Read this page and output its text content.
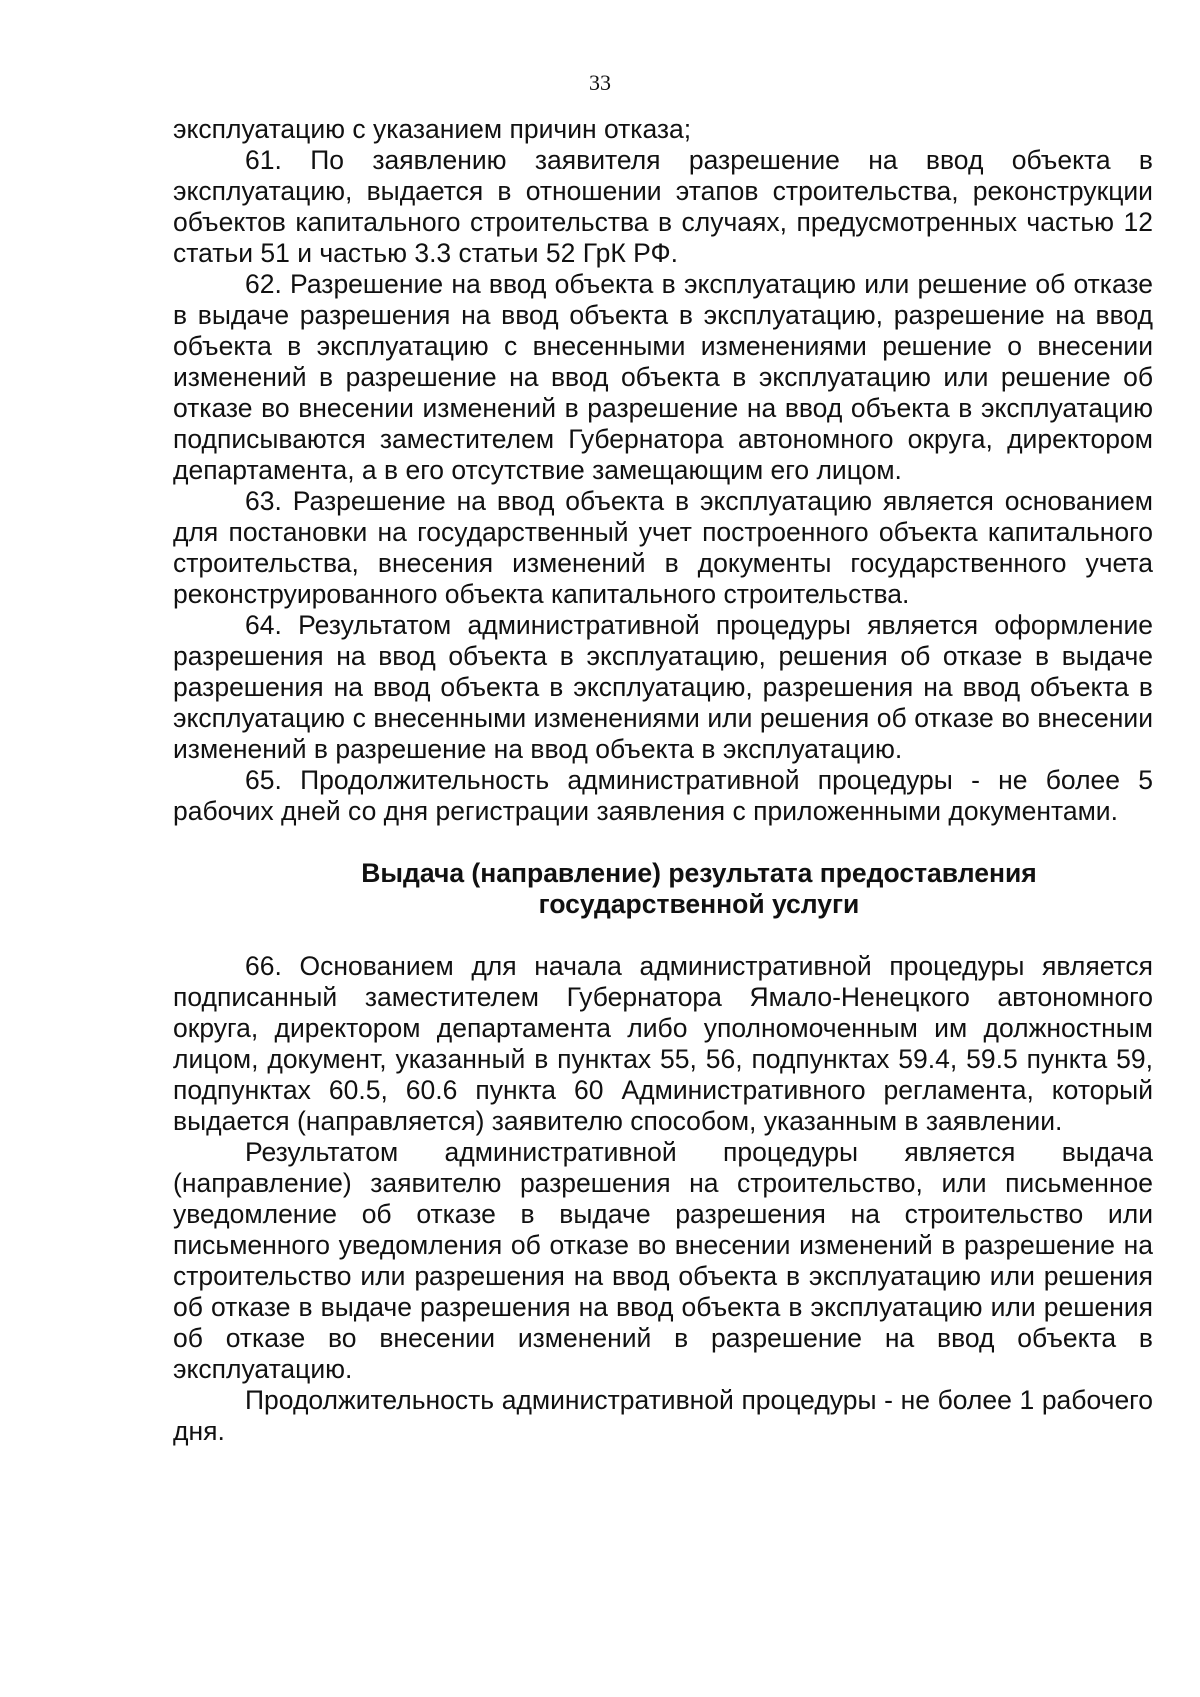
33

эксплуатацию с указанием причин отказа;

61. По заявлению заявителя разрешение на ввод объекта в эксплуатацию, выдается в отношении этапов строительства, реконструкции объектов капитального строительства в случаях, предусмотренных частью 12 статьи 51 и частью 3.3 статьи 52 ГрК РФ.

62. Разрешение на ввод объекта в эксплуатацию или решение об отказе в выдаче разрешения на ввод объекта в эксплуатацию, разрешение на ввод объекта в эксплуатацию с внесенными изменениями решение о внесении изменений в разрешение на ввод объекта в эксплуатацию или решение об отказе во внесении изменений в разрешение на ввод объекта в эксплуатацию подписываются заместителем Губернатора автономного округа, директором департамента, а в его отсутствие замещающим его лицом.

63. Разрешение на ввод объекта в эксплуатацию является основанием для постановки на государственный учет построенного объекта капитального строительства, внесения изменений в документы государственного учета реконструированного объекта капитального строительства.

64. Результатом административной процедуры является оформление разрешения на ввод объекта в эксплуатацию, решения об отказе в выдаче разрешения на ввод объекта в эксплуатацию, разрешения на ввод объекта в эксплуатацию с внесенными изменениями или решения об отказе во внесении изменений в разрешение на ввод объекта в эксплуатацию.

65. Продолжительность административной процедуры - не более 5 рабочих дней со дня регистрации заявления с приложенными документами.

Выдача (направление) результата предоставления
государственной услуги

66. Основанием для начала административной процедуры является подписанный заместителем Губернатора Ямало-Ненецкого автономного округа, директором департамента либо уполномоченным им должностным лицом, документ, указанный в пунктах 55, 56, подпунктах 59.4, 59.5 пункта 59, подпунктах 60.5, 60.6 пункта 60 Административного регламента, который выдается (направляется) заявителю способом, указанным в заявлении.

Результатом административной процедуры является выдача (направление) заявителю разрешения на строительство, или письменное уведомление об отказе в выдаче разрешения на строительство или письменного уведомления об отказе во внесении изменений в разрешение на строительство или разрешения на ввод объекта в эксплуатацию или решения об отказе в выдаче разрешения на ввод объекта в эксплуатацию или решения об отказе во внесении изменений в разрешение на ввод объекта в эксплуатацию.

Продолжительность административной процедуры - не более 1 рабочего дня.
